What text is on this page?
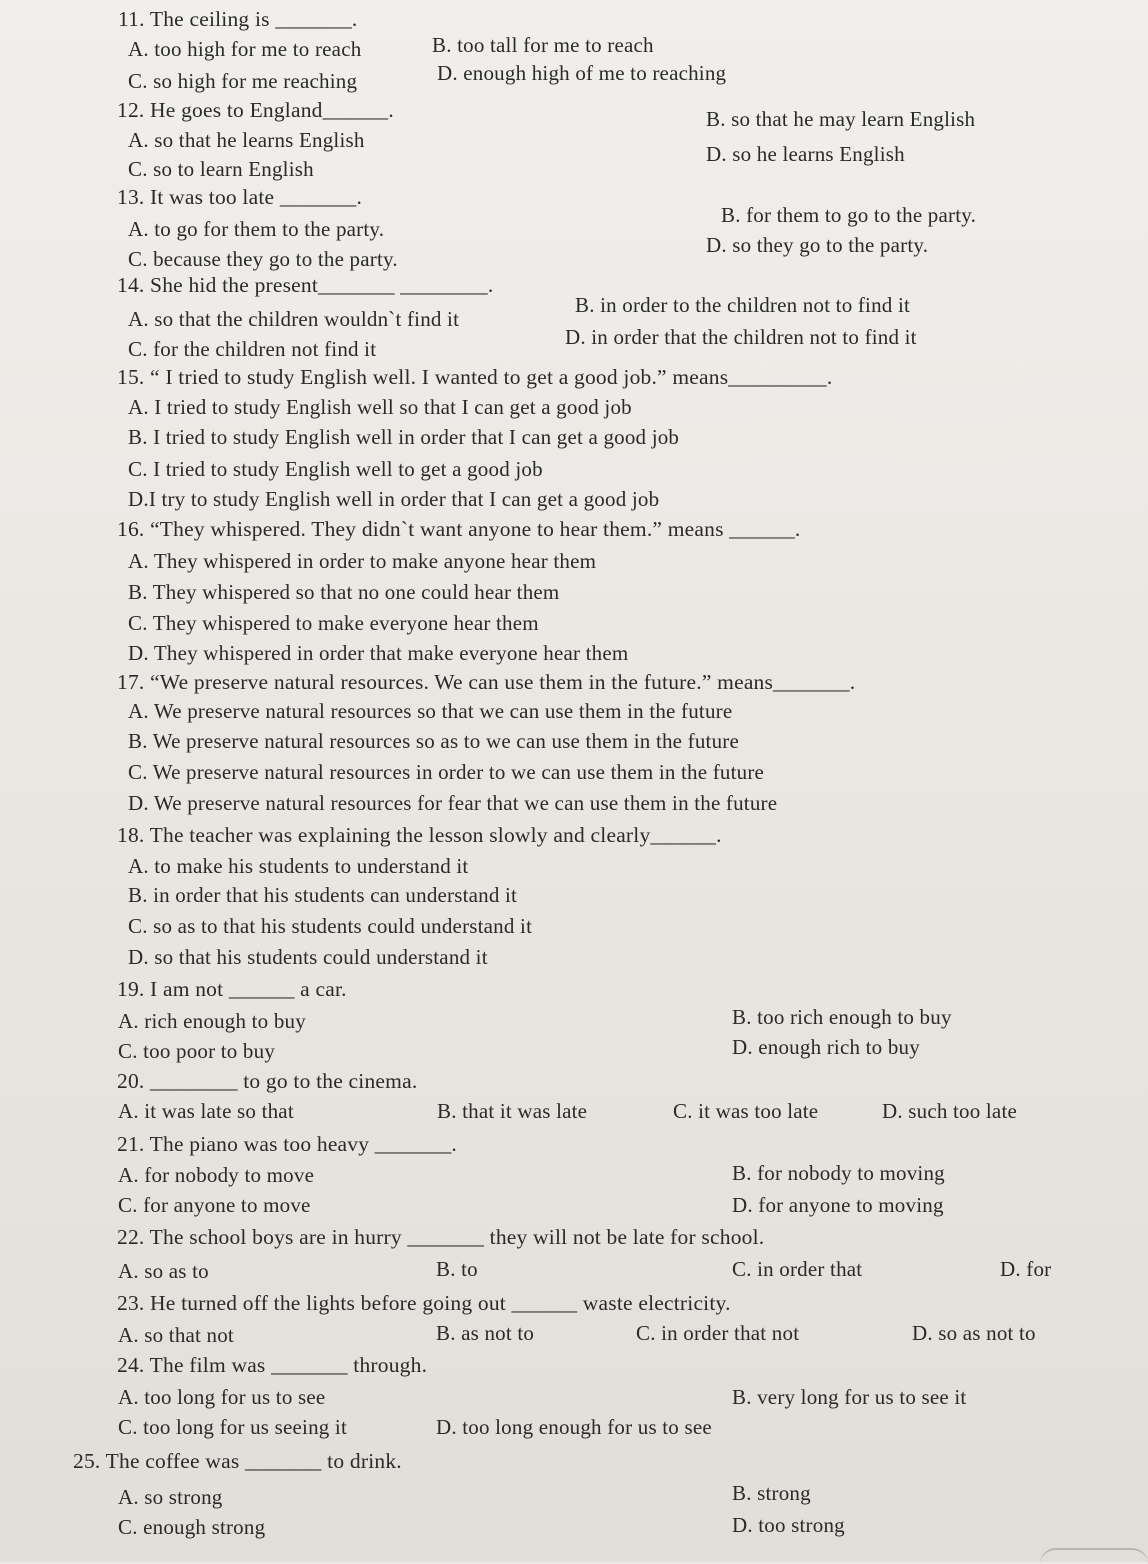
11. The ceiling is _______.
A. too high for me to reach	B. too tall for me to reach
C. so high for me reaching	D. enough high of me to reaching
12. He goes to England______.
A. so that he learns English
B. so that he may learn English
C. so to learn English
D. so he learns English
13. It was too late _______.
A. to go for them to the party.
B. for them to go to the party.
C. because they go to the party.
D. so they go to the party.
14. She hid the present_______ ________.
A. so that the children wouldn`t find it
B. in order to the children not to find it
C. for the children not find it	D. in order that the children not to find it
15. “ I tried to study English well. I wanted to get a good job.” means_________.
A. I tried to study English well so that I can get a good job
B. I tried to study English well in order that I can get a good job
C. I tried to study English well to get a good job
D.I try to study English well in order that I can get a good job
16. “They whispered. They didn`t want anyone to hear them.” means ______.
A. They whispered in order to make anyone hear them
B. They whispered so that no one could hear them
C. They whispered to make everyone hear them
D. They whispered in order that make everyone hear them
17. “We preserve natural resources. We can use them in the future.” means_______.
A. We preserve natural resources so that we can use them in the future
B. We preserve natural resources so as to we can use them in the future
C. We preserve natural resources in order to we can use them in the future
D. We preserve natural resources for fear that we can use them in the future
18. The teacher was explaining the lesson slowly and clearly______.
A. to make his students to understand it
B. in order that his students can understand it
C. so as to that his students could understand it
D. so that his students could understand it
19. I am not ______ a car.
A. rich enough to buy	B. too rich enough to buy
C. too poor to buy	D. enough rich to buy
20. ________ to go to the cinema.
A. it was late so that	B. that it was late	C. it was too late	D. such too late
21. The piano was too heavy _______.
A. for nobody to move	B. for nobody to moving
C. for anyone to move	D. for anyone to moving
22. The school boys are in hurry _______ they will not be late for school.
A. so as to	B. to	C. in order that	D. for
23. He turned off the lights before going out ______ waste electricity.
A. so that not	B. as not to	C. in order that not	D. so as not to
24. The film was _______ through.
A. too long for us to see	B. very long for us to see it
C. too long for us seeing it	D. too long enough for us to see
25. The coffee was _______ to drink.
A. so strong	B. strong
C. enough strong	D. too strong
